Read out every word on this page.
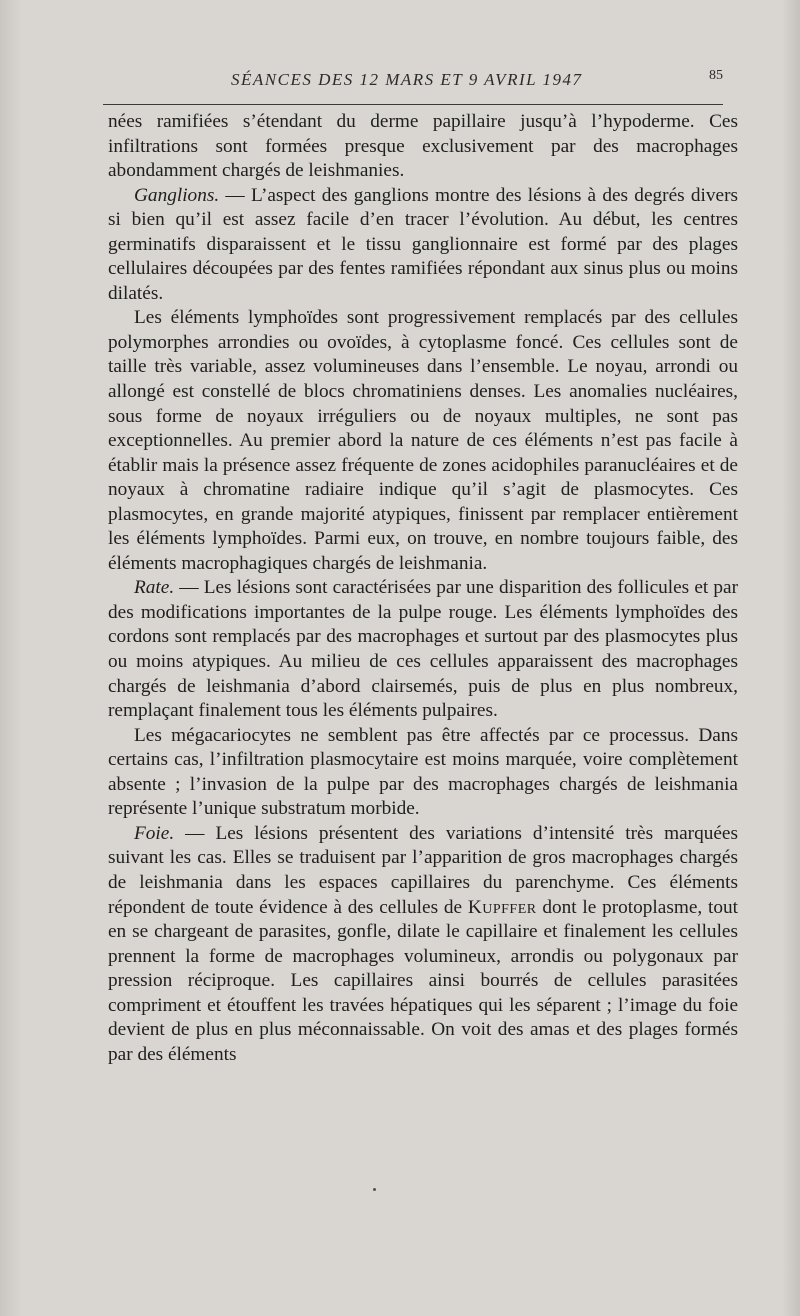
SÉANCES DES 12 MARS ET 9 AVRIL 1947	85

nées ramifiées s’étendant du derme papillaire jusqu’à l’hypoderme. Ces infiltrations sont formées presque exclusivement par des macrophages abondamment chargés de leishmanies.

Ganglions. — L’aspect des ganglions montre des lésions à des degrés divers si bien qu’il est assez facile d’en tracer l’évolution. Au début, les centres germinatifs disparaissent et le tissu ganglionnaire est formé par des plages cellulaires découpées par des fentes ramifiées répondant aux sinus plus ou moins dilatés.

Les éléments lymphoïdes sont progressivement remplacés par des cellules polymorphes arrondies ou ovoïdes, à cytoplasme foncé. Ces cellules sont de taille très variable, assez volumineuses dans l’ensemble. Le noyau, arrondi ou allongé est constellé de blocs chromatiniens denses. Les anomalies nucléaires, sous forme de noyaux irréguliers ou de noyaux multiples, ne sont pas exceptionnelles. Au premier abord la nature de ces éléments n’est pas facile à établir mais la présence assez fréquente de zones acidophiles paranucléaires et de noyaux à chromatine radiaire indique qu’il s’agit de plasmocytes. Ces plasmocytes, en grande majorité atypiques, finissent par remplacer entièrement les éléments lymphoïdes. Parmi eux, on trouve, en nombre toujours faible, des éléments macrophagiques chargés de leishmania.

Rate. — Les lésions sont caractérisées par une disparition des follicules et par des modifications importantes de la pulpe rouge. Les éléments lymphoïdes des cordons sont remplacés par des macrophages et surtout par des plasmocytes plus ou moins atypiques. Au milieu de ces cellules apparaissent des macrophages chargés de leishmania d’abord clairsemés, puis de plus en plus nombreux, remplaçant finalement tous les éléments pulpaires.

Les mégacariocytes ne semblent pas être affectés par ce processus. Dans certains cas, l’infiltration plasmocytaire est moins marquée, voire complètement absente ; l’invasion de la pulpe par des macrophages chargés de leishmania représente l’unique substratum morbide.

Foie. — Les lésions présentent des variations d’intensité très marquées suivant les cas. Elles se traduisent par l’apparition de gros macrophages chargés de leishmania dans les espaces capillaires du parenchyme. Ces éléments répondent de toute évidence à des cellules de Kupffer dont le protoplasme, tout en se chargeant de parasites, gonfle, dilate le capillaire et finalement les cellules prennent la forme de macrophages volumineux, arrondis ou polygonaux par pression réciproque. Les capillaires ainsi bourrés de cellules parasitées compriment et étouffent les travées hépatiques qui les séparent ; l’image du foie devient de plus en plus méconnaissable. On voit des amas et des plages formés par des éléments
